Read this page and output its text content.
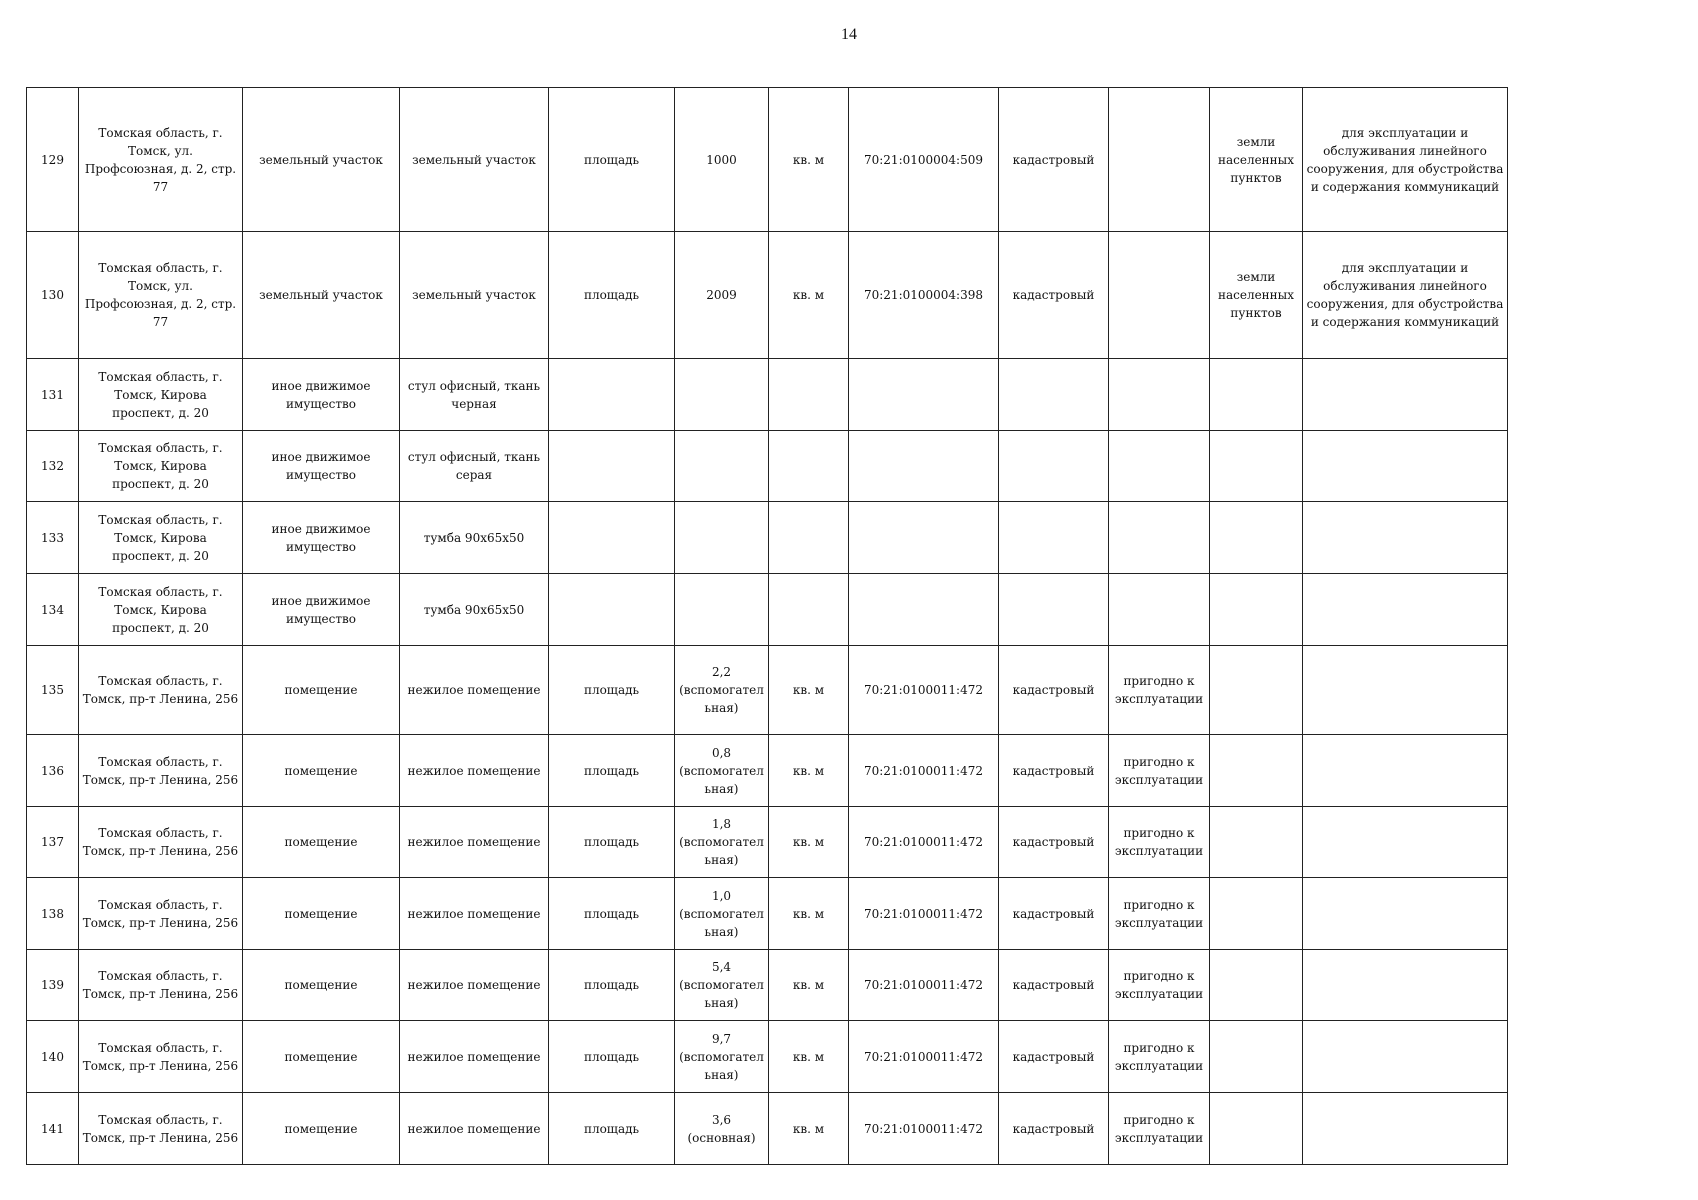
14
129	Томская область, г. Томск, ул. Профсоюзная, д. 2, стр. 77	земельный участок	земельный участок	площадь	1000	кв. м	70:21:0100004:509	кадастровый		земли населенных пунктов	для эксплуатации и обслуживания линейного сооружения, для обустройства и содержания коммуникаций
130	Томская область, г. Томск, ул. Профсоюзная, д. 2, стр. 77	земельный участок	земельный участок	площадь	2009	кв. м	70:21:0100004:398	кадастровый		земли населенных пунктов	для эксплуатации и обслуживания линейного сооружения, для обустройства и содержания коммуникаций
131	Томская область, г. Томск, Кирова проспект, д. 20	иное движимое имущество	стул офисный, ткань черная								
132	Томская область, г. Томск, Кирова проспект, д. 20	иное движимое имущество	стул офисный, ткань серая								
133	Томская область, г. Томск, Кирова проспект, д. 20	иное движимое имущество	тумба 90х65х50								
134	Томская область, г. Томск, Кирова проспект, д. 20	иное движимое имущество	тумба 90х65х50								
135	Томская область, г. Томск, пр-т Ленина, 256	помещение	нежилое помещение	площадь	2,2 (вспомогательная)	кв. м	70:21:0100011:472	кадастровый	пригодно к эксплуатации		
136	Томская область, г. Томск, пр-т Ленина, 256	помещение	нежилое помещение	площадь	0,8 (вспомогательная)	кв. м	70:21:0100011:472	кадастровый	пригодно к эксплуатации		
137	Томская область, г. Томск, пр-т Ленина, 256	помещение	нежилое помещение	площадь	1,8 (вспомогательная)	кв. м	70:21:0100011:472	кадастровый	пригодно к эксплуатации		
138	Томская область, г. Томск, пр-т Ленина, 256	помещение	нежилое помещение	площадь	1,0 (вспомогательная)	кв. м	70:21:0100011:472	кадастровый	пригодно к эксплуатации		
139	Томская область, г. Томск, пр-т Ленина, 256	помещение	нежилое помещение	площадь	5,4 (вспомогательная)	кв. м	70:21:0100011:472	кадастровый	пригодно к эксплуатации		
140	Томская область, г. Томск, пр-т Ленина, 256	помещение	нежилое помещение	площадь	9,7 (вспомогательная)	кв. м	70:21:0100011:472	кадастровый	пригодно к эксплуатации		
141	Томская область, г. Томск, пр-т Ленина, 256	помещение	нежилое помещение	площадь	3,6 (основная)	кв. м	70:21:0100011:472	кадастровый	пригодно к эксплуатации		
